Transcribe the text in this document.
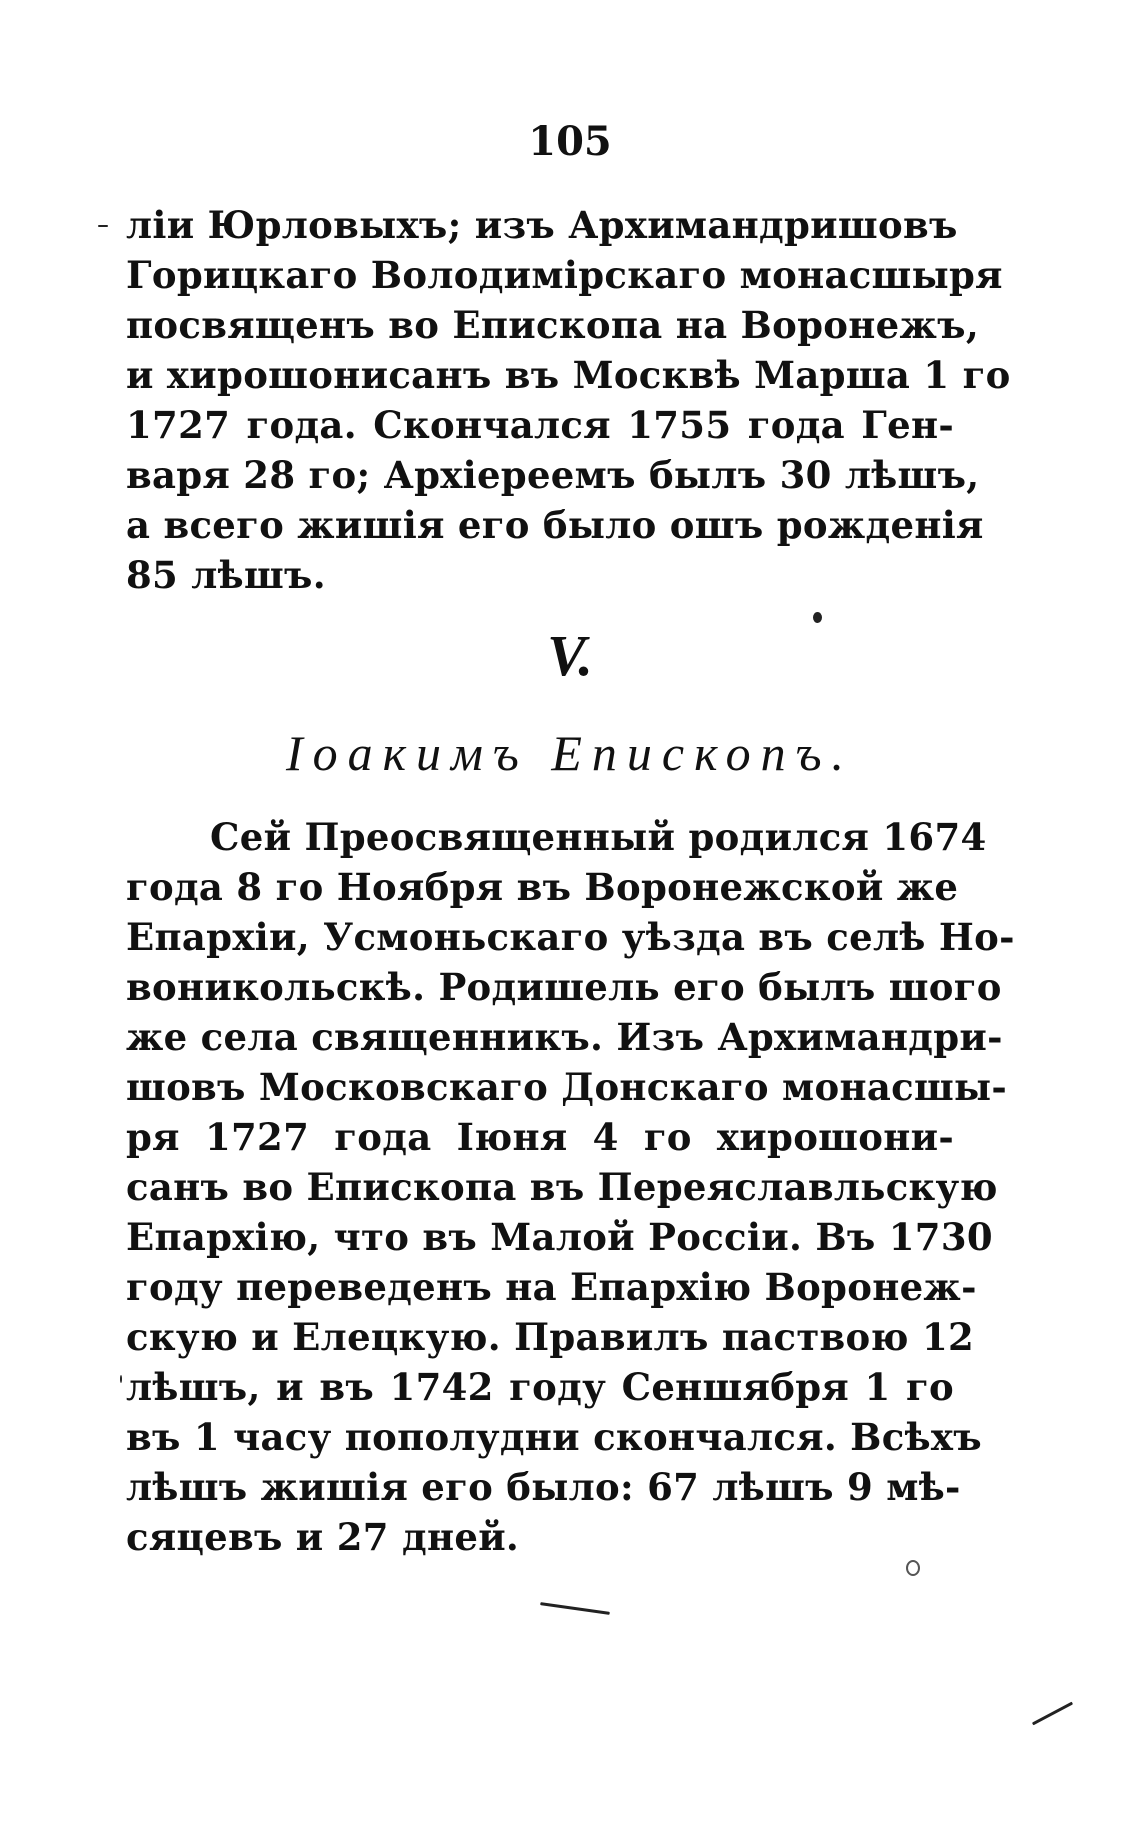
105
ліи Юрловыхъ; изъ Архимандришовъ
Горицкаго Володимірскаго монасшыря
посвященъ во Епископа на Воронежъ,
и хирошонисанъ въ Москвѣ Марша 1 го
1727 года. Скончался 1755 года Ген-
варя 28 го; Архіереемъ былъ 30 лѣшъ,
а всего жишія его было ошъ рожденія
85 лѣшъ.
V.
Іоакимъ Епископъ.
Сей Преосвященный родился 1674
года 8 го Ноября въ Воронежской же
Епархіи, Усмоньскаго уѣзда въ селѣ Но-
воникольскѣ. Родишель его былъ шого
же села священникъ. Изъ Архимандри-
шовъ Московскаго Донскаго монасшы-
ря 1727 года Іюня 4 го хирошони-
санъ во Епископа въ Переяславльскую
Епархію, что въ Малой Россіи. Въ 1730
году переведенъ на Епархію Воронеж-
скую и Елецкую. Правилъ паствою 12
лѣшъ, и въ 1742 году Сеншября 1 го
въ 1 часу пополудни скончался. Всѣхъ
лѣшъ жишія его было: 67 лѣшъ 9 мѣ-
сяцевъ и 27 дней.
